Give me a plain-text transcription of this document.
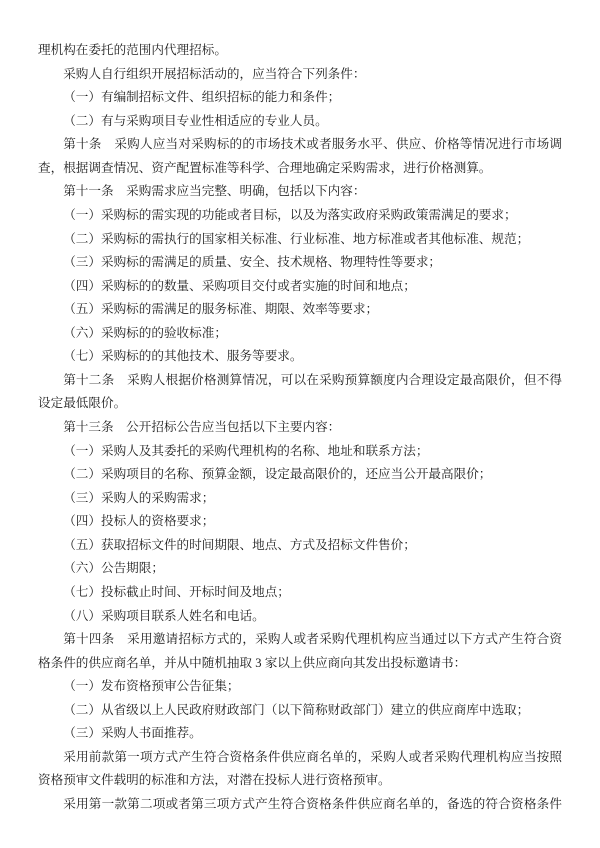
理机构在委托的范围内代理招标。
采购人自行组织开展招标活动的，应当符合下列条件：
（一）有编制招标文件、组织招标的能力和条件；
（二）有与采购项目专业性相适应的专业人员。
第十条　采购人应当对采购标的的市场技术或者服务水平、供应、价格等情况进行市场调
查，根据调查情况、资产配置标准等科学、合理地确定采购需求，进行价格测算。
第十一条　采购需求应当完整、明确，包括以下内容：
（一）采购标的需实现的功能或者目标，以及为落实政府采购政策需满足的要求；
（二）采购标的需执行的国家相关标准、行业标准、地方标准或者其他标准、规范；
（三）采购标的需满足的质量、安全、技术规格、物理特性等要求；
（四）采购标的的数量、采购项目交付或者实施的时间和地点；
（五）采购标的需满足的服务标准、期限、效率等要求；
（六）采购标的的验收标准；
（七）采购标的的其他技术、服务等要求。
第十二条　采购人根据价格测算情况，可以在采购预算额度内合理设定最高限价，但不得
设定最低限价。
第十三条　公开招标公告应当包括以下主要内容：
（一）采购人及其委托的采购代理机构的名称、地址和联系方法；
（二）采购项目的名称、预算金额，设定最高限价的，还应当公开最高限价；
（三）采购人的采购需求；
（四）投标人的资格要求；
（五）获取招标文件的时间期限、地点、方式及招标文件售价；
（六）公告期限；
（七）投标截止时间、开标时间及地点；
（八）采购项目联系人姓名和电话。
第十四条　采用邀请招标方式的，采购人或者采购代理机构应当通过以下方式产生符合资
格条件的供应商名单，并从中随机抽取 3 家以上供应商向其发出投标邀请书：
（一）发布资格预审公告征集；
（二）从省级以上人民政府财政部门（以下简称财政部门）建立的供应商库中选取；
（三）采购人书面推荐。
采用前款第一项方式产生符合资格条件供应商名单的，采购人或者采购代理机构应当按照
资格预审文件载明的标准和方法，对潜在投标人进行资格预审。
采用第一款第二项或者第三项方式产生符合资格条件供应商名单的，备选的符合资格条件
